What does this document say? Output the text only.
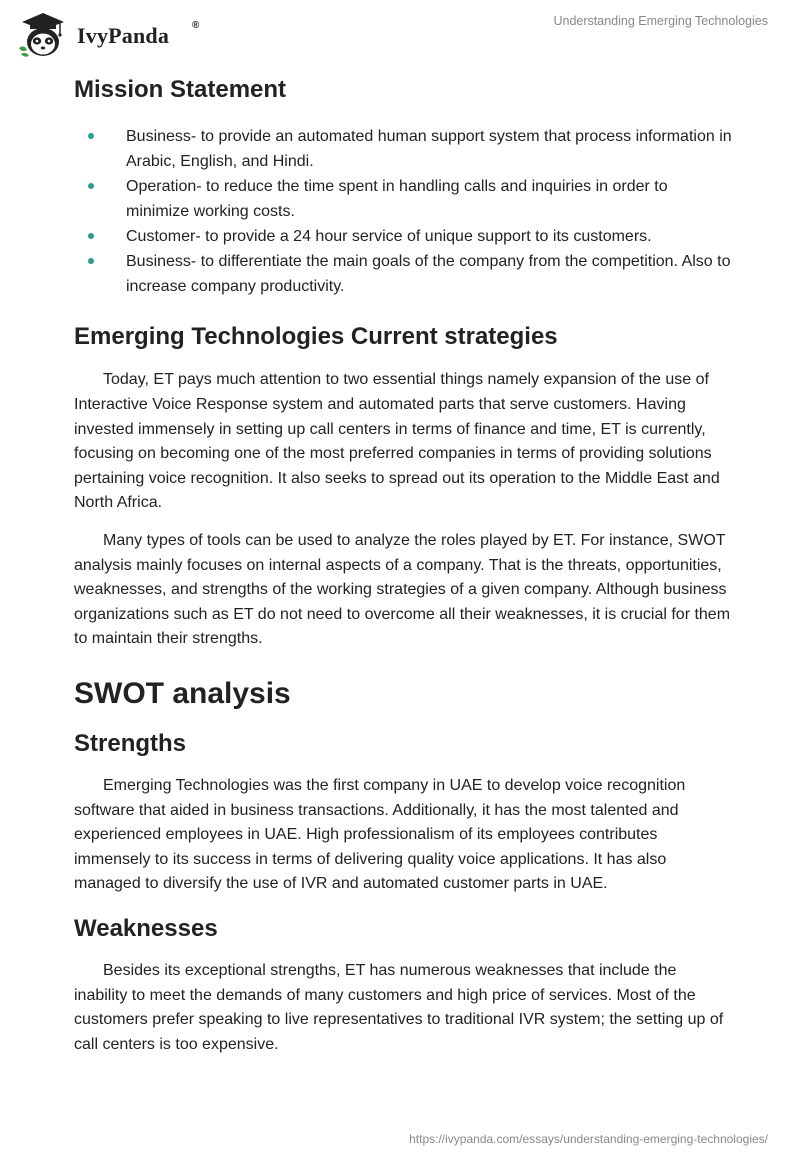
IvyPanda ®	Understanding Emerging Technologies
Mission Statement
Business- to provide an automated human support system that process information in Arabic, English, and Hindi.
Operation- to reduce the time spent in handling calls and inquiries in order to minimize working costs.
Customer- to provide a 24 hour service of unique support to its customers.
Business- to differentiate the main goals of the company from the competition. Also to increase company productivity.
Emerging Technologies Current strategies

Today, ET pays much attention to two essential things namely expansion of the use of Interactive Voice Response system and automated parts that serve customers. Having invested immensely in setting up call centers in terms of finance and time, ET is currently, focusing on becoming one of the most preferred companies in terms of providing solutions pertaining voice recognition. It also seeks to spread out its operation to the Middle East and North Africa.

Many types of tools can be used to analyze the roles played by ET. For instance, SWOT analysis mainly focuses on internal aspects of a company. That is the threats, opportunities, weaknesses, and strengths of the working strategies of a given company. Although business organizations such as ET do not need to overcome all their weaknesses, it is crucial for them to maintain their strengths.

SWOT analysis
Strengths

Emerging Technologies was the first company in UAE to develop voice recognition software that aided in business transactions. Additionally, it has the most talented and experienced employees in UAE. High professionalism of its employees contributes immensely to its success in terms of delivering quality voice applications. It has also managed to diversify the use of IVR and automated customer parts in UAE.

Weaknesses

Besides its exceptional strengths, ET has numerous weaknesses that include the inability to meet the demands of many customers and high price of services. Most of the customers prefer speaking to live representatives to traditional IVR system; the setting up of call centers is too expensive.

https://ivypanda.com/essays/understanding-emerging-technologies/
